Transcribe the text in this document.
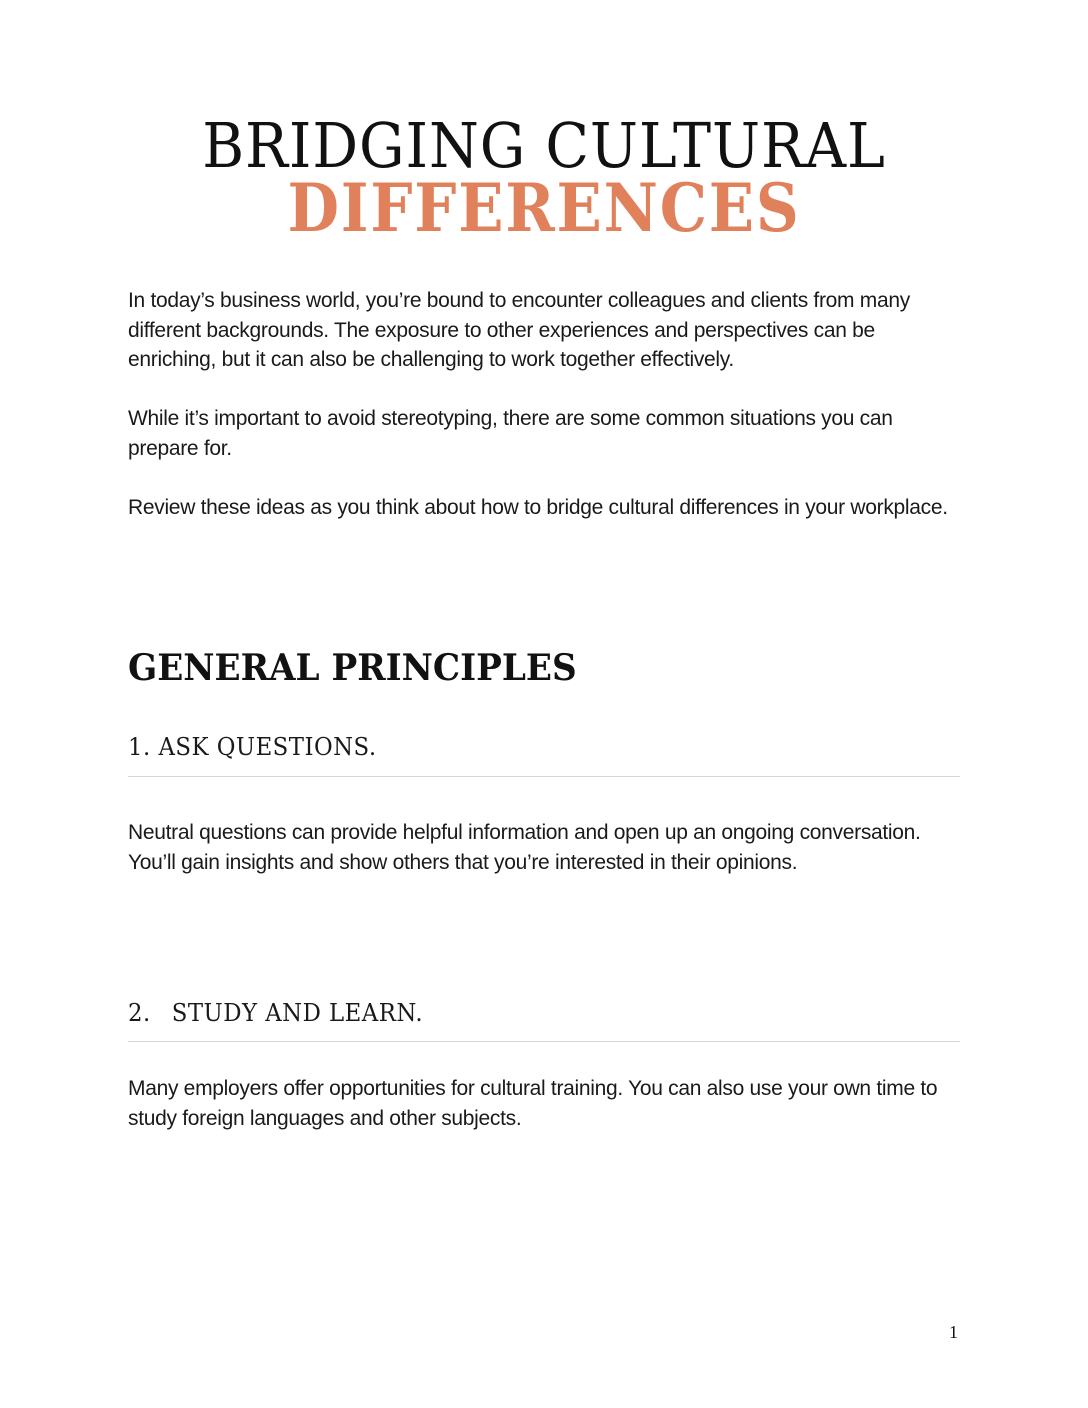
BRIDGING CULTURAL
DIFFERENCES

In today’s business world, you’re bound to encounter colleagues and clients from many different backgrounds. The exposure to other experiences and perspectives can be enriching, but it can also be challenging to work together effectively.

While it’s important to avoid stereotyping, there are some common situations you can prepare for.

Review these ideas as you think about how to bridge cultural differences in your workplace.

GENERAL PRINCIPLES
1. ASK QUESTIONS.

Neutral questions can provide helpful information and open up an ongoing conversation. You’ll gain insights and show others that you’re interested in their opinions.

2. STUDY AND LEARN.

Many employers offer opportunities for cultural training. You can also use your own time to study foreign languages and other subjects.

1
